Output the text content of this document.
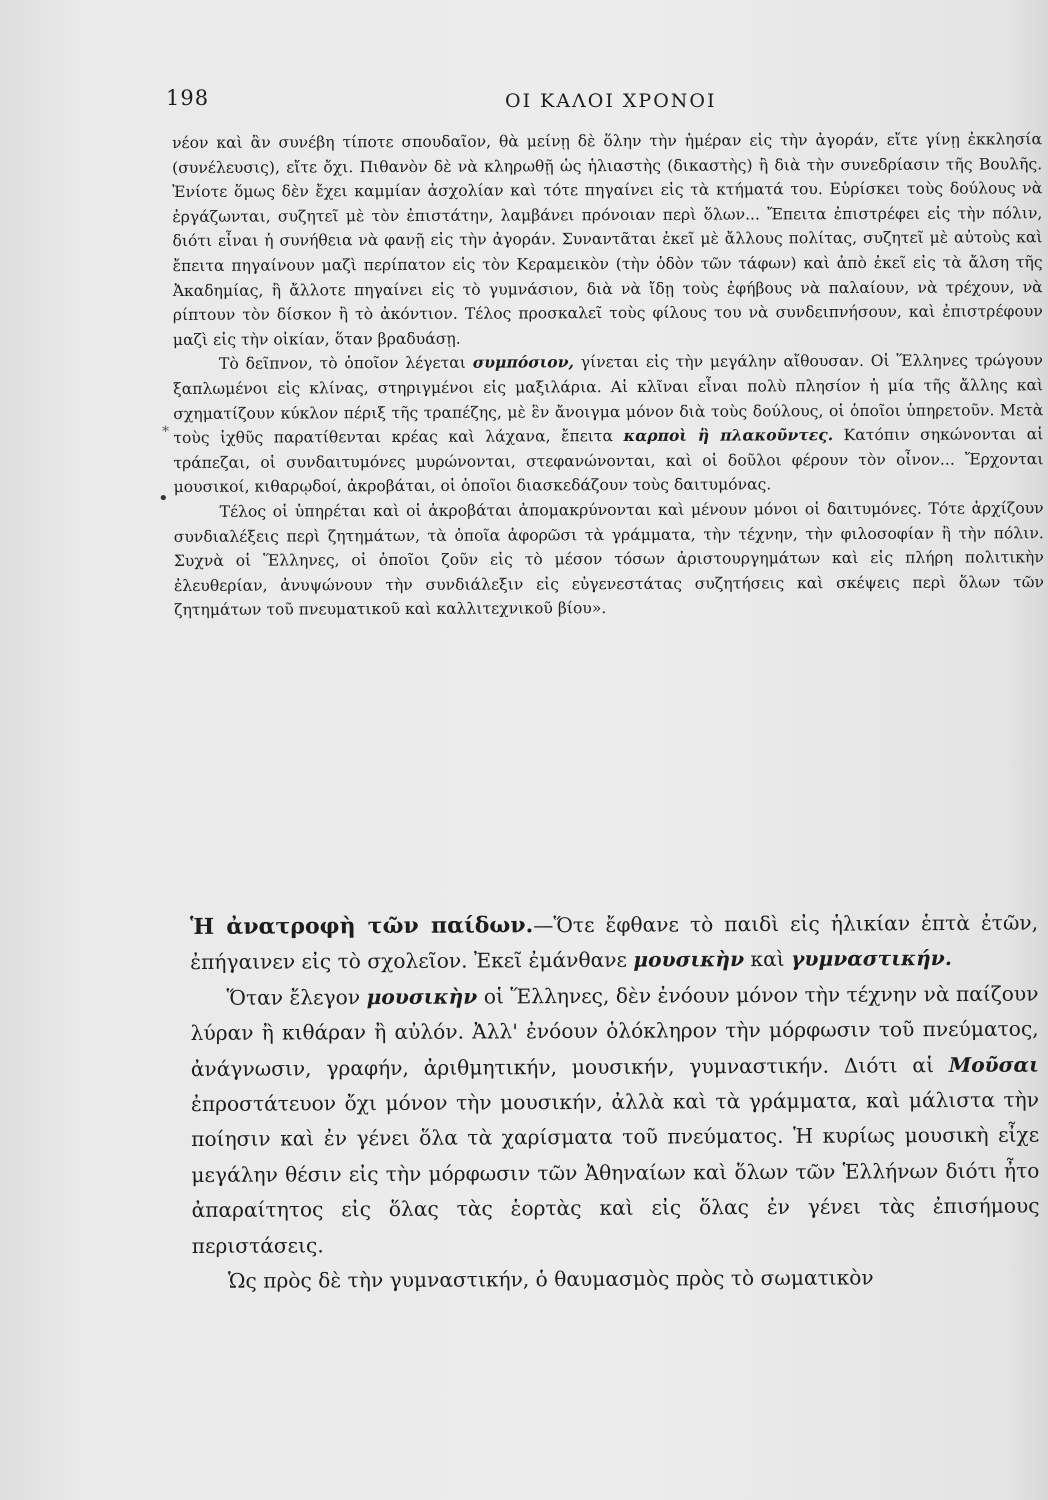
198	ΟΙ ΚΑΛΟΙ ΧΡΟΝΟΙ
*
•

νέον καὶ ἂν συνέβη τίποτε σπουδαῖον, θὰ μείνῃ δὲ ὅλην τὴν ἡμέραν εἰς τὴν ἀγοράν, εἴτε γίνῃ ἐκκλησία (συνέλευσις), εἴτε ὄχι. Πιθανὸν δὲ νὰ κληρωθῇ ὡς ἡλιαστὴς (δικαστὴς) ἢ διὰ τὴν συνεδρίασιν τῆς Βουλῆς. Ἐνίοτε ὅμως δὲν ἔχει καμμίαν ἀσχολίαν καὶ τότε πηγαίνει εἰς τὰ κτήματά του. Εὑρίσκει τοὺς δούλους νὰ ἐργάζωνται, συζητεῖ μὲ τὸν ἐπιστάτην, λαμβάνει πρόνοιαν περὶ ὅλων... Ἔπειτα ἐπιστρέφει εἰς τὴν πόλιν, διότι εἶναι ἡ συνήθεια νὰ φανῇ εἰς τὴν ἀγοράν. Συναντᾶται ἐκεῖ μὲ ἄλλους πολίτας, συζητεῖ μὲ αὐτοὺς καὶ ἔπειτα πηγαίνουν μαζὶ περίπατον εἰς τὸν Κεραμεικὸν (τὴν ὁδὸν τῶν τάφων) καὶ ἀπὸ ἐκεῖ εἰς τὰ ἄλση τῆς Ἀκαδημίας, ἢ ἄλλοτε πηγαίνει εἰς τὸ γυμνάσιον, διὰ νὰ ἴδῃ τοὺς ἐφήβους νὰ παλαίουν, νὰ τρέχουν, νὰ ρίπτουν τὸν δίσκον ἢ τὸ ἀκόντιον. Τέλος προσκαλεῖ τοὺς φίλους του νὰ συνδειπνήσουν, καὶ ἐπιστρέφουν μαζὶ εἰς τὴν οἰκίαν, ὅταν βραδυάσῃ.

Τὸ δεῖπνον, τὸ ὁποῖον λέγεται συμπόσιον, γίνεται εἰς τὴν μεγάλην αἴθουσαν. Οἱ Ἕλληνες τρώγουν ξαπλωμένοι εἰς κλίνας, στηριγμένοι εἰς μαξιλάρια. Αἱ κλῖναι εἶναι πολὺ πλησίον ἡ μία τῆς ἄλλης καὶ σχηματίζουν κύκλον πέριξ τῆς τραπέζης, μὲ ἓν ἄνοιγμα μόνον διὰ τοὺς δούλους, οἱ ὁποῖοι ὑπηρετοῦν. Μετὰ τοὺς ἰχθῦς παρατίθενται κρέας καὶ λάχανα, ἔπειτα καρποὶ ἢ πλακοῦντες. Κατόπιν σηκώνονται αἱ τράπεζαι, οἱ συνδαιτυμόνες μυρώνονται, στεφανώνονται, καὶ οἱ δοῦλοι φέρουν τὸν οἶνον... Ἔρχονται μουσικοί, κιθαρῳδοί, ἀκροβάται, οἱ ὁποῖοι διασκεδάζουν τοὺς δαιτυμόνας.

Τέλος οἱ ὑπηρέται καὶ οἱ ἀκροβάται ἀπομακρύνονται καὶ μένουν μόνοι οἱ δαιτυμόνες. Τότε ἀρχίζουν συνδιαλέξεις περὶ ζητημάτων, τὰ ὁποῖα ἀφορῶσι τὰ γράμματα, τὴν τέχνην, τὴν φιλοσοφίαν ἢ τὴν πόλιν. Συχνὰ οἱ Ἕλληνες, οἱ ὁποῖοι ζοῦν εἰς τὸ μέσον τόσων ἀριστουργημάτων καὶ εἰς πλήρη πολιτικὴν ἐλευθερίαν, ἀνυψώνουν τὴν συνδιάλεξιν εἰς εὐγενεστάτας συζητήσεις καὶ σκέψεις περὶ ὅλων τῶν ζητημάτων τοῦ πνευματικοῦ καὶ καλλιτεχνικοῦ βίου».

Ἡ ἀνατροφὴ τῶν παίδων.—Ὅτε ἔφθανε τὸ παιδὶ εἰς ἡλικίαν ἑπτὰ ἐτῶν, ἐπήγαινεν εἰς τὸ σχολεῖον. Ἐκεῖ ἐμάνθανε μουσικὴν καὶ γυμναστικήν.

Ὅταν ἔλεγον μουσικὴν οἱ Ἕλληνες, δὲν ἐνόουν μόνον τὴν τέχνην νὰ παίζουν λύραν ἢ κιθάραν ἢ αὐλόν. Ἀλλ' ἐνόουν ὁλόκληρον τὴν μόρφωσιν τοῦ πνεύματος, ἀνάγνωσιν, γραφήν, ἀριθμητικήν, μουσικήν, γυμναστικήν. Διότι αἱ Μοῦσαι ἐπροστάτευον ὄχι μόνον τὴν μουσικήν, ἀλλὰ καὶ τὰ γράμματα, καὶ μάλιστα τὴν ποίησιν καὶ ἐν γένει ὅλα τὰ χαρίσματα τοῦ πνεύματος. Ἡ κυρίως μουσικὴ εἶχε μεγάλην θέσιν εἰς τὴν μόρφωσιν τῶν Ἀθηναίων καὶ ὅλων τῶν Ἑλλήνων διότι ἦτο ἀπαραίτητος εἰς ὅλας τὰς ἑορτὰς καὶ εἰς ὅλας ἐν γένει τὰς ἐπισήμους περιστάσεις.

Ὡς πρὸς δὲ τὴν γυμναστικήν, ὁ θαυμασμὸς πρὸς τὸ σωματικὸν
